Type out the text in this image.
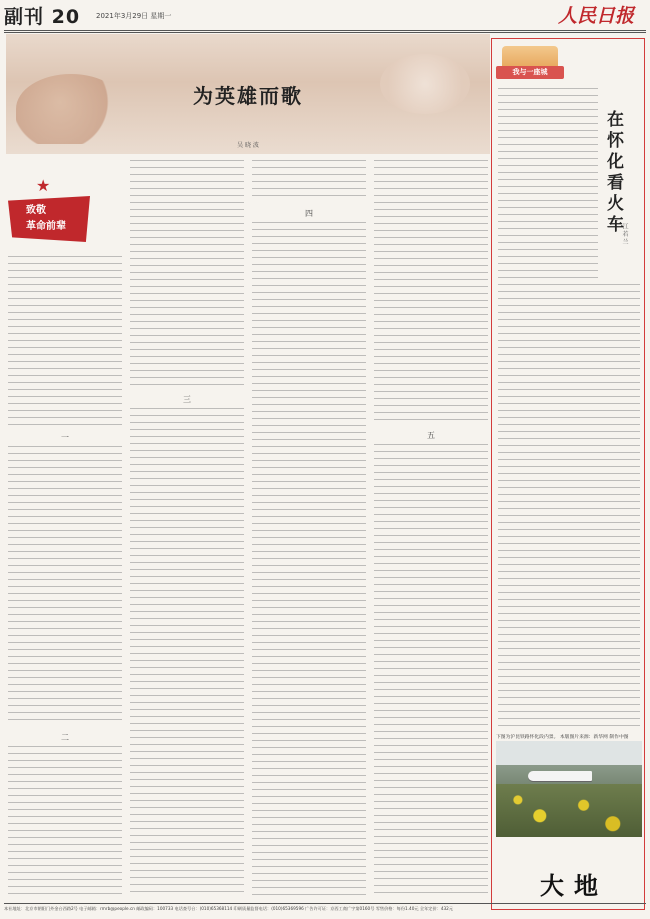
副刊 20 2021年3月29日 星期一	人民日报
为英雄而歌
吴 晓 波
★
致敬
革命前辈
一
二
三
四
五
我与一座城
在怀化看火车
江 若 兰
下图为沪昆铁路怀化段内景。 本版图片来源：新华网 制作中图
大地
本社地址：北京市朝阳门外金台西路2号 电子邮箱：rmrb@people.cn 邮政编码：100733 电话查号台：(010)65368114 印刷质量监督电话：(010)65369596 广告许可证：京西工商广字第0160号 零售价格：每份1.40元 全年定价：432元
